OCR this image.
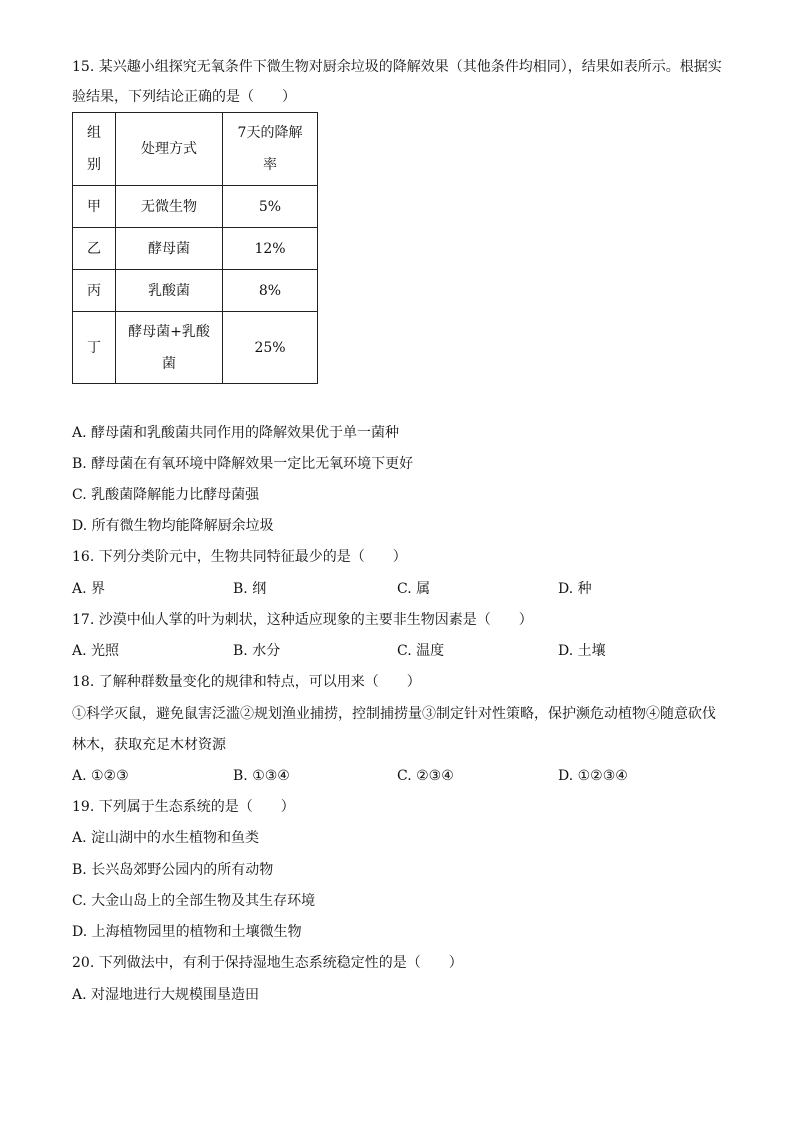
15. 某兴趣小组探究无氧条件下微生物对厨余垃圾的降解效果（其他条件均相同），结果如表所示。根据实
验结果，下列结论正确的是（　　）
组别	处理方式	7天的降解率
甲	无微生物	5%
乙	酵母菌	12%
丙	乳酸菌	8%
丁	酵母菌+乳酸菌	25%
A. 酵母菌和乳酸菌共同作用的降解效果优于单一菌种
B. 酵母菌在有氧环境中降解效果一定比无氧环境下更好
C. 乳酸菌降解能力比酵母菌强
D. 所有微生物均能降解厨余垃圾
16. 下列分类阶元中，生物共同特征最少的是（　　）
A. 界	B. 纲	C. 属	D. 种
17. 沙漠中仙人掌的叶为刺状，这种适应现象的主要非生物因素是（　　）
A. 光照	B. 水分	C. 温度	D. 土壤
18. 了解种群数量变化的规律和特点，可以用来（　　）
①科学灭鼠，避免鼠害泛滥②规划渔业捕捞，控制捕捞量③制定针对性策略，保护濒危动植物④随意砍伐
林木，获取充足木材资源
A. ①②③	B. ①③④	C. ②③④	D. ①②③④
19. 下列属于生态系统的是（　　）
A. 淀山湖中的水生植物和鱼类
B. 长兴岛郊野公园内的所有动物
C. 大金山岛上的全部生物及其生存环境
D. 上海植物园里的植物和土壤微生物
20. 下列做法中，有利于保持湿地生态系统稳定性的是（　　）
A. 对湿地进行大规模围垦造田
